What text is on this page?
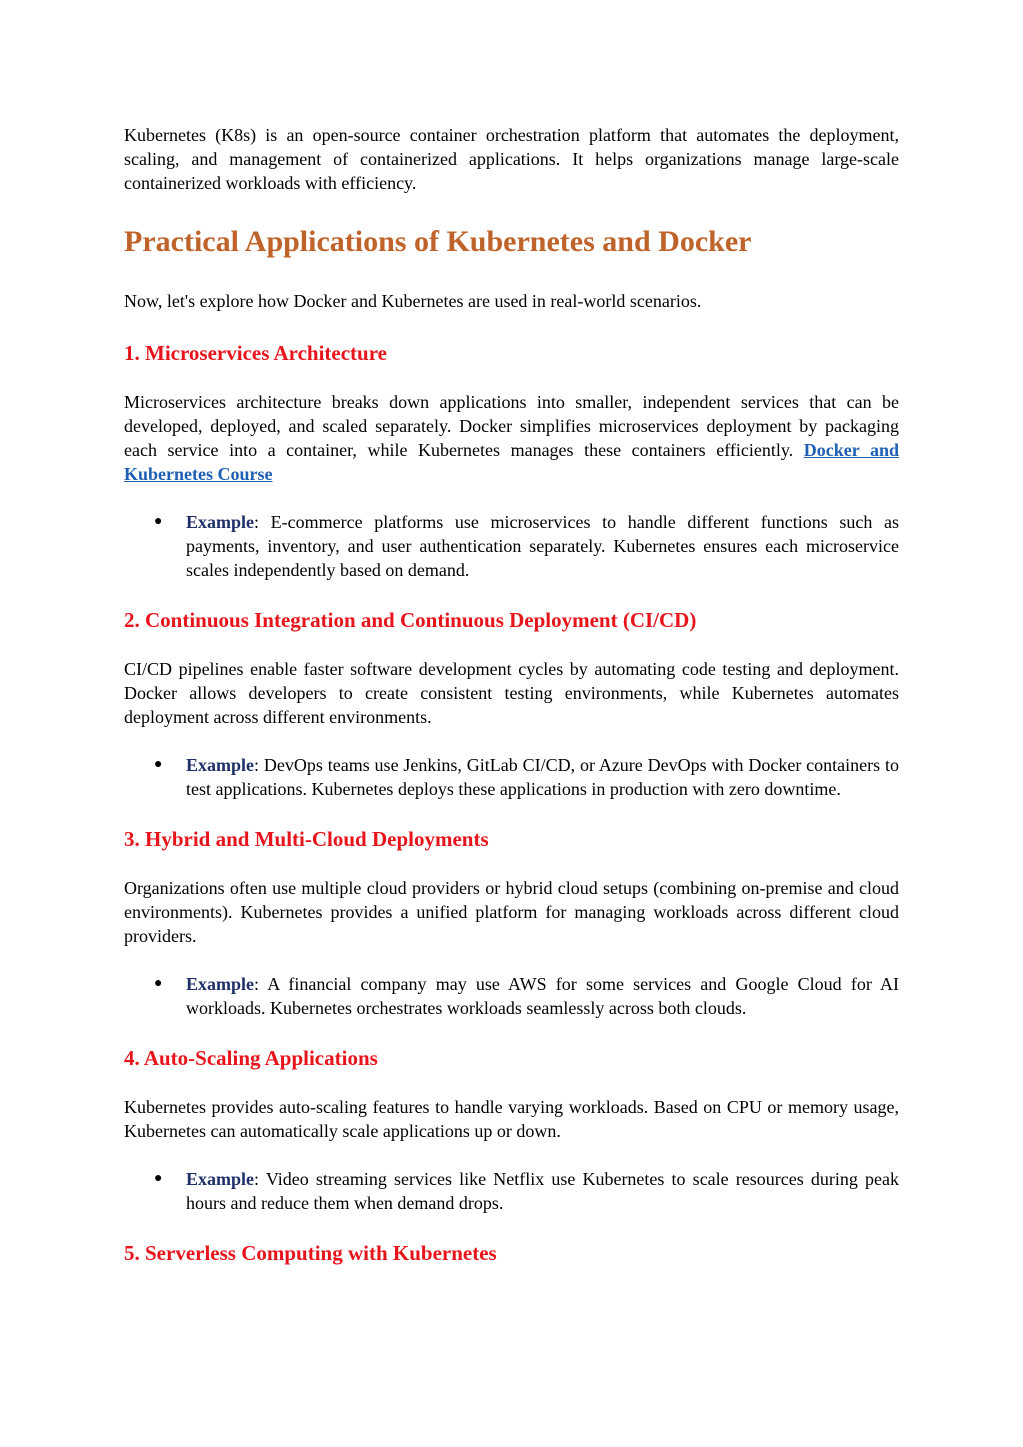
Kubernetes (K8s) is an open-source container orchestration platform that automates the deployment, scaling, and management of containerized applications. It helps organizations manage large-scale containerized workloads with efficiency.

Practical Applications of Kubernetes and Docker

Now, let's explore how Docker and Kubernetes are used in real-world scenarios.

1. Microservices Architecture

Microservices architecture breaks down applications into smaller, independent services that can be developed, deployed, and scaled separately. Docker simplifies microservices deployment by packaging each service into a container, while Kubernetes manages these containers efficiently. Docker and Kubernetes Course

● Example: E-commerce platforms use microservices to handle different functions such as payments, inventory, and user authentication separately. Kubernetes ensures each microservice scales independently based on demand.
2. Continuous Integration and Continuous Deployment (CI/CD)

CI/CD pipelines enable faster software development cycles by automating code testing and deployment. Docker allows developers to create consistent testing environments, while Kubernetes automates deployment across different environments.

● Example: DevOps teams use Jenkins, GitLab CI/CD, or Azure DevOps with Docker containers to test applications. Kubernetes deploys these applications in production with zero downtime.
3. Hybrid and Multi-Cloud Deployments

Organizations often use multiple cloud providers or hybrid cloud setups (combining on-premise and cloud environments). Kubernetes provides a unified platform for managing workloads across different cloud providers.

● Example: A financial company may use AWS for some services and Google Cloud for AI workloads. Kubernetes orchestrates workloads seamlessly across both clouds.
4. Auto-Scaling Applications

Kubernetes provides auto-scaling features to handle varying workloads. Based on CPU or memory usage, Kubernetes can automatically scale applications up or down.

● Example: Video streaming services like Netflix use Kubernetes to scale resources during peak hours and reduce them when demand drops.
5. Serverless Computing with Kubernetes
